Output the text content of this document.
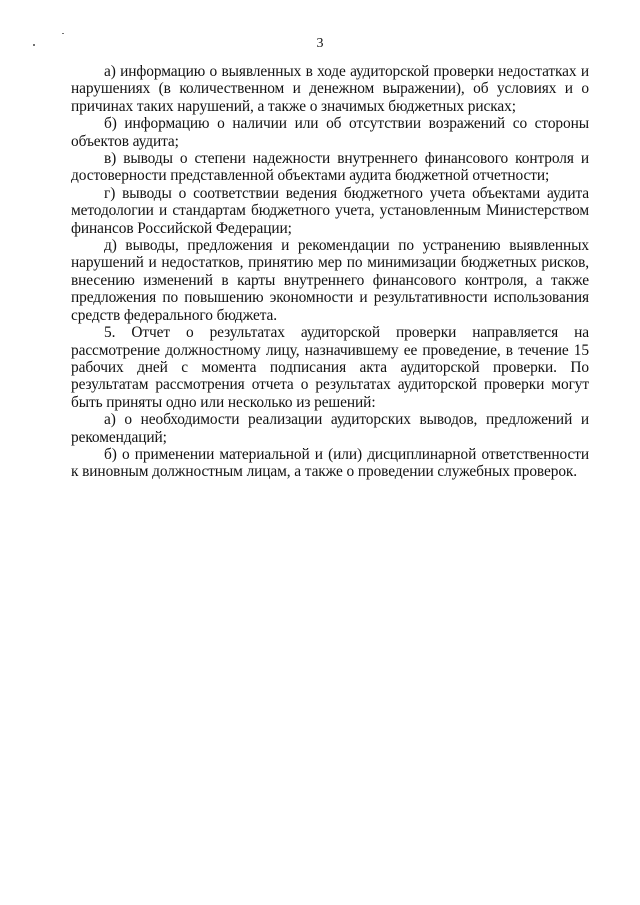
3

а) информацию о выявленных в ходе аудиторской проверки недостатках и нарушениях (в количественном и денежном выражении), об условиях и о причинах таких нарушений, а также о значимых бюджетных рисках;

б) информацию о наличии или об отсутствии возражений со стороны объектов аудита;

в) выводы о степени надежности внутреннего финансового контроля и достоверности представленной объектами аудита бюджетной отчетности;

г) выводы о соответствии ведения бюджетного учета объектами аудита методологии и стандартам бюджетного учета, установленным Министерством финансов Российской Федерации;

д) выводы, предложения и рекомендации по устранению выявленных нарушений и недостатков, принятию мер по минимизации бюджетных рисков, внесению изменений в карты внутреннего финансового контроля, а также предложения по повышению экономности и результативности использования средств федерального бюджета.

5. Отчет о результатах аудиторской проверки направляется на рассмотрение должностному лицу, назначившему ее проведение, в течение 15 рабочих дней с момента подписания акта аудиторской проверки. По результатам рассмотрения отчета о результатах аудиторской проверки могут быть приняты одно или несколько из решений:

а) о необходимости реализации аудиторских выводов, предложений и рекомендаций;

б) о применении материальной и (или) дисциплинарной ответственности к виновным должностным лицам, а также о проведении служебных проверок.
